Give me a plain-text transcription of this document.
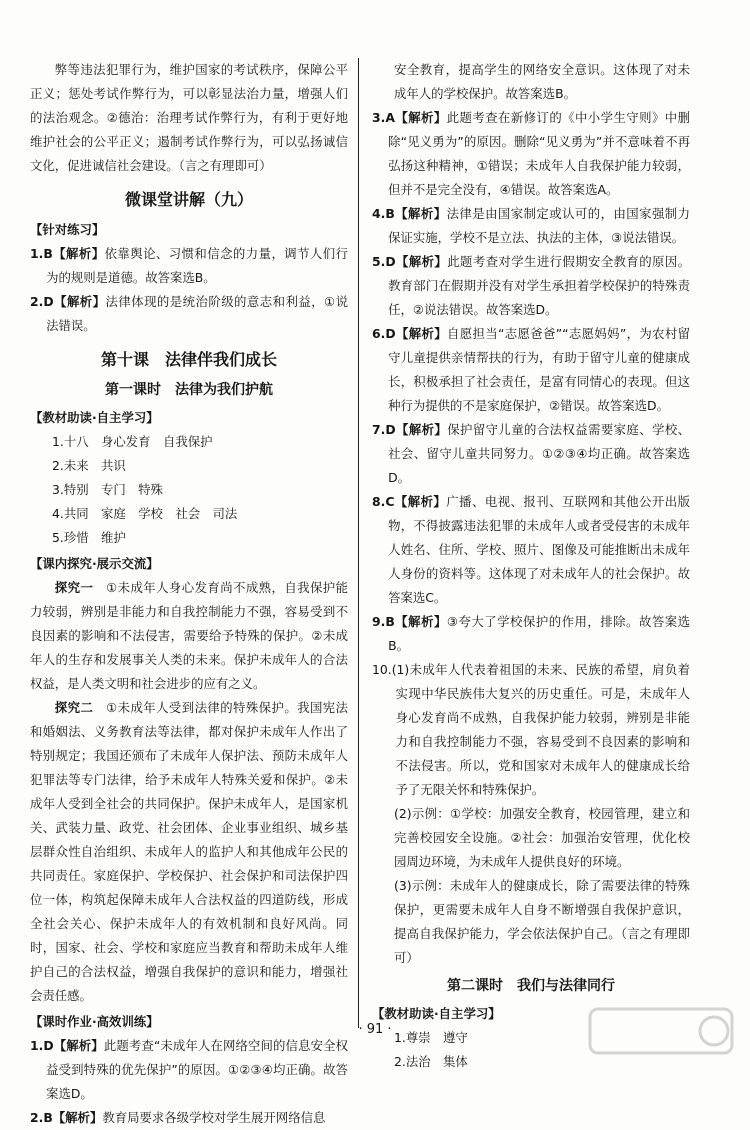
弊等违法犯罪行为，维护国家的考试秩序，保障公平正义；惩处考试作弊行为，可以彰显法治力量，增强人们的法治观念。②德治：治理考试作弊行为，有利于更好地维护社会的公平正义；遏制考试作弊行为，可以弘扬诚信文化，促进诚信社会建设。（言之有理即可）

微课堂讲解（九）
【针对练习】

1.B【解析】依靠舆论、习惯和信念的力量，调节人们行为的规则是道德。故答案选B。

2.D【解析】法律体现的是统治阶级的意志和利益，①说法错误。

第十课　法律伴我们成长
第一课时　法律为我们护航
【教材助读·自主学习】
1.十八　身心发育　自我保护
2.未来　共识
3.特别　专门　特殊
4.共同　家庭　学校　社会　司法
5.珍惜　维护
【课内探究·展示交流】

探究一　 ①未成年人身心发育尚不成熟，自我保护能力较弱，辨别是非能力和自我控制能力不强，容易受到不良因素的影响和不法侵害，需要给予特殊的保护。②未成年人的生存和发展事关人类的未来。保护未成年人的合法权益，是人类文明和社会进步的应有之义。

探究二　 ①未成年人受到法律的特殊保护。我国宪法和婚姻法、义务教育法等法律，都对保护未成年人作出了特别规定；我国还颁布了未成年人保护法、预防未成年人犯罪法等专门法律，给予未成年人特殊关爱和保护。②未成年人受到全社会的共同保护。保护未成年人，是国家机关、武装力量、政党、社会团体、企业事业组织、城乡基层群众性自治组织、未成年人的监护人和其他成年公民的共同责任。家庭保护、学校保护、社会保护和司法保护四位一体，构筑起保障未成年人合法权益的四道防线，形成全社会关心、保护未成年人的有效机制和良好风尚。同时，国家、社会、学校和家庭应当教育和帮助未成年人维护自己的合法权益，增强自我保护的意识和能力，增强社会责任感。

【课时作业·高效训练】

1.D【解析】此题考查“未成年人在网络空间的信息安全权益受到特殊的优先保护”的原因。①②③④均正确。故答案选D。

2.B【解析】教育局要求各级学校对学生展开网络信息

安全教育，提高学生的网络安全意识。这体现了对未成年人的学校保护。故答案选B。

3.A【解析】此题考查在新修订的《中小学生守则》中删除“见义勇为”的原因。删除“见义勇为”并不意味着不再弘扬这种精神，①错误；未成年人自我保护能力较弱，但并不是完全没有，④错误。故答案选A。

4.B【解析】法律是由国家制定或认可的，由国家强制力保证实施，学校不是立法、执法的主体，③说法错误。

5.D【解析】此题考查对学生进行假期安全教育的原因。教育部门在假期并没有对学生承担着学校保护的特殊责任，②说法错误。故答案选D。

6.D【解析】自愿担当“志愿爸爸”“志愿妈妈”，为农村留守儿童提供亲情帮扶的行为，有助于留守儿童的健康成长，积极承担了社会责任，是富有同情心的表现。但这种行为提供的不是家庭保护，②错误。故答案选D。

7.D【解析】保护留守儿童的合法权益需要家庭、学校、社会、留守儿童共同努力。①②③④均正确。故答案选D。

8.C【解析】广播、电视、报刊、互联网和其他公开出版物，不得披露违法犯罪的未成年人或者受侵害的未成年人姓名、住所、学校、照片、图像及可能推断出未成年人身份的资料等。这体现了对未成年人的社会保护。故答案选C。

9.B【解析】③夸大了学校保护的作用，排除。故答案选B。

10.(1)未成年人代表着祖国的未来、民族的希望，肩负着实现中华民族伟大复兴的历史重任。可是，未成年人身心发育尚不成熟，自我保护能力较弱，辨别是非能力和自我控制能力不强，容易受到不良因素的影响和不法侵害。所以，党和国家对未成年人的健康成长给予了无限关怀和特殊保护。

(2)示例：①学校：加强安全教育，校园管理，建立和完善校园安全设施。②社会：加强治安管理，优化校园周边环境，为未成年人提供良好的环境。

(3)示例：未成年人的健康成长，除了需要法律的特殊保护，更需要未成年人自身不断增强自我保护意识，提高自我保护能力，学会依法保护自己。（言之有理即可）

第二课时　我们与法律同行
【教材助读·自主学习】
1.尊崇　遵守
2.法治　集体
· 91 ·
